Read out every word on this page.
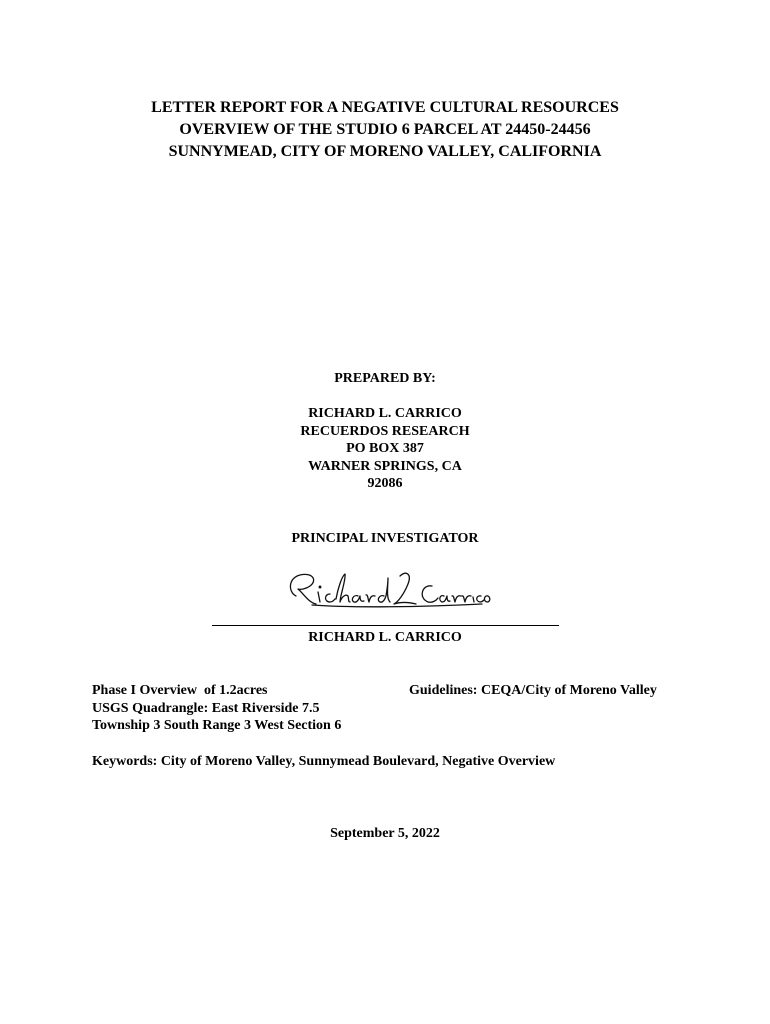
LETTER REPORT FOR A NEGATIVE CULTURAL RESOURCES
OVERVIEW OF THE STUDIO 6 PARCEL AT 24450-24456
SUNNYMEAD, CITY OF MORENO VALLEY, CALIFORNIA
PREPARED BY:
RICHARD L. CARRICO
RECUERDOS RESEARCH
PO BOX 387
WARNER SPRINGS, CA
92086
PRINCIPAL INVESTIGATOR
RICHARD L. CARRICO
Phase I Overview  of 1.2acres
USGS Quadrangle: East Riverside 7.5
Township 3 South Range 3 West Section 6
Guidelines: CEQA/City of Moreno Valley
Keywords: City of Moreno Valley, Sunnymead Boulevard, Negative Overview
September 5, 2022
